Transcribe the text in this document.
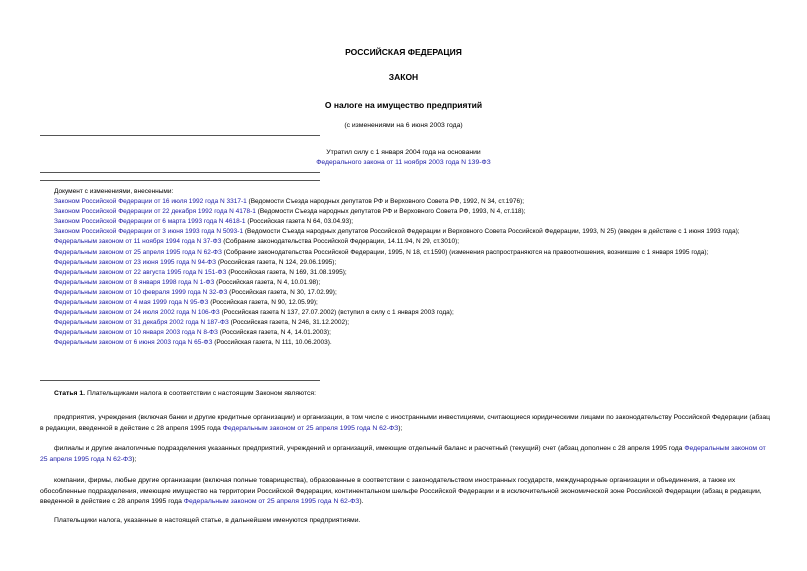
РОССИЙСКАЯ ФЕДЕРАЦИЯ
ЗАКОН
О налоге на имущество предприятий
(с изменениями на 6 июня 2003 года)
Утратил силу с 1 января 2004 года на основании
Федерального закона от 11 ноября 2003 года N 139-ФЗ
Документ с изменениями, внесенными:
Законом Российской Федерации от 16 июля 1992 года N 3317-1 (Ведомости Съезда народных депутатов РФ и Верховного Совета РФ, 1992, N 34, ст.1976);
Законом Российской Федерации от 22 декабря 1992 года N 4178-1 (Ведомости Съезда народных депутатов РФ и Верховного Совета РФ, 1993, N 4, ст.118);
Законом Российской Федерации от 6 марта 1993 года N 4618-1 (Российская газета N 64, 03.04.93);
Законом Российской Федерации от 3 июня 1993 года N 5093-1 (Ведомости Съезда народных депутатов Российской Федерации и Верховного Совета Российской Федерации, 1993, N 25) (введен в действие с 1 июня 1993 года);
Федеральным законом от 11 ноября 1994 года N 37-ФЗ (Собрание законодательства Российской Федерации, 14.11.94, N 29, ст.3010);
Федеральным законом от 25 апреля 1995 года N 62-ФЗ (Собрание законодательства Российской Федерации, 1995, N 18, ст.1590) (изменения распространяются на правоотношения, возникшие с 1 января 1995 года);
Федеральным законом от 23 июня 1995 года N 94-ФЗ (Российская газета, N 124, 29.06.1995);
Федеральным законом от 22 августа 1995 года N 151-ФЗ (Российская газета, N 169, 31.08.1995);
Федеральным законом от 8 января 1998 года N 1-ФЗ (Российская газета, N 4, 10.01.98);
Федеральным законом от 10 февраля 1999 года N 32-ФЗ (Российская газета, N 30, 17.02.99);
Федеральным законом от 4 мая 1999 года N 95-ФЗ (Российская газета, N 90, 12.05.99);
Федеральным законом от 24 июля 2002 года N 106-ФЗ (Российская газета N 137, 27.07.2002) (вступил в силу с 1 января 2003 года);
Федеральным законом от 31 декабря 2002 года N 187-ФЗ (Российская газета, N 246, 31.12.2002);
Федеральным законом от 10 января 2003 года N 8-ФЗ (Российская газета, N 4, 14.01.2003);
Федеральным законом от 6 июня 2003 года N 65-ФЗ (Российская газета, N 111, 10.06.2003).

Статья 1. Плательщиками налога в соответствии с настоящим Законом являются:

предприятия, учреждения (включая банки и другие кредитные организации) и организации, в том числе с иностранными инвестициями, считающиеся юридическими лицами по законодательству Российской Федерации (абзац в редакции, введенной в действие с 28 апреля 1995 года Федеральным законом от 25 апреля 1995 года N 62-ФЗ);

филиалы и другие аналогичные подразделения указанных предприятий, учреждений и организаций, имеющие отдельный баланс и расчетный (текущий) счет (абзац дополнен с 28 апреля 1995 года Федеральным законом от 25 апреля 1995 года N 62-ФЗ);

компании, фирмы, любые другие организации (включая полные товарищества), образованные в соответствии с законодательством иностранных государств, международные организации и объединения, а также их обособленные подразделения, имеющие имущество на территории Российской Федерации, континентальном шельфе Российской Федерации и в исключительной экономической зоне Российской Федерации (абзац в редакции, введенной в действие с 28 апреля 1995 года Федеральным законом от 25 апреля 1995 года N 62-ФЗ).

Плательщики налога, указанные в настоящей статье, в дальнейшем именуются предприятиями.
